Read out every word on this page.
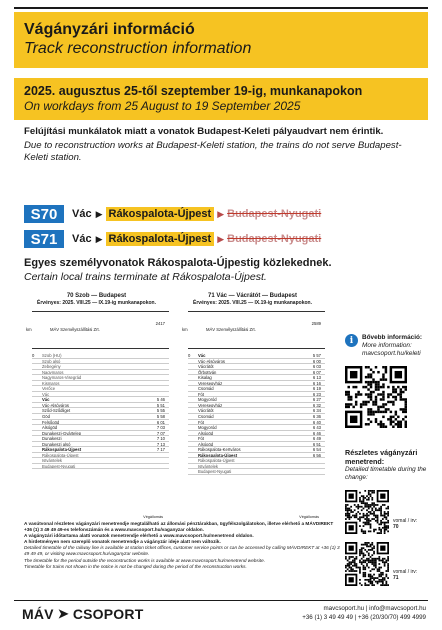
Vágányzári információ
Track reconstruction information
2025. augusztus 25-től szeptember 19-ig, munkanapokon
On workdays from 25 August to 19 September 2025
Felújítási munkálatok miatt a vonatok Budapest-Keleti pályaudvart nem érintik.
Due to reconstruction works at Budapest-Keleti station, the trains do not serve Budapest-Keleti station.
S70	Vác ▶ Rákospalota-Újpest ▶ Budapest-Nyugati
S71	Vác ▶ Rákospalota-Újpest ▶ Budapest-Nyugati
Egyes személyvonatok Rákospalota-Újpestig közlekednek.
Certain local trains terminate at Rákospalota-Újpest.
70 Szob — Budapest
Érvényes: 2025. VIII.25 — IX.19-ig munkanapokon.
km	MÁV Személyszállítási Zrt.
2417
0	Szob (HU)
Szob alsó
Zebegény
Nagymaros
Nagymaros-Visegrád
Kismaros
Verőce
Vác
Vác	5 46
Vác-Alsóváros	5 51
Sződ-Sződliget	5 55
Göd	5 58
Felsőgöd	6 01
Alsógöd	7 03
Dunakeszi-Gyártelep	7 07
Dunakeszi	7 10
Dunakeszi alsó	7 13
Rákospalota-Újpest	7 17
Rákospalota-Újpest
Istvántelek
Budapest-Nyugati
Végállomás
71 Vác — Vácrátót — Budapest
Érvényes: 2025. VIII.25 — IX.19-ig munkanapokon.
km	MÁV Személyszállítási Zrt.
2589
0	Vác	5 57
Vác-Alsóváros	6 00
Vácrátót	6 03
Őrbottyán	6 07
Kisalag	6 13
Veresegyház	6 16
Csomád	6 19
Fót	6 23
Mogyoród	6 27
Veresegyház	6 32
Vácrátót	6 34
Csomád	6 36
Fót	6 40
Mogyoród	6 43
Alsógöd	6 46
Fót	6 49
Alsógöd	6 51
Rákospalota-Kertváros	6 54
Rákospalota-Újpest	6 56
Rákospalota-Újpest
Istvántelek
Budapest-Nyugati
Végállomás
i	Bővebb információ:
More information:
mavcsoport.hu/keleti
Részletes vágányzári menetrend:
Detailed timetable during the change:
vomal / irv:
70
vomal / irv:
71
A vasútvonal részletes vágányzári menetrendje megtalálható az állomási pénztárakban, ügyfélszolgálatokon, illetve elérhető a MÁVDIREKT +36 (1) 3 49 49 49-es telefonszámán és a www.mavcsoport.hu/vaganyzar oldalon.
A vágányzári időtartama alatti vonatok menetrendje elérhető a www.mavcsoport.hu/menetrend oldalon.
A hirdetményen nem szereplő vonatok menetrendje a vágányzár ideje alatt nem változik.
Detailed timetable of the railway line is available at station ticket offices, customer service points or can be accessed by calling MÁVDIREKT at +36 (1) 3 49 49 49, or visiting www.mavcsoport.hu/vaganyzar website.
The timetable for the period outside the reconstruction works is available at www.mavcsoport.hu/menetrend website.
Timetable for trains not shown in the notice is not be changed during the period of the reconstruction works.
MÁV ➤ CSOPORT	mavcsoport.hu | info@mavcsoport.hu
+36 (1) 3 49 49 49 | +36 (20/30/70) 499 4999
